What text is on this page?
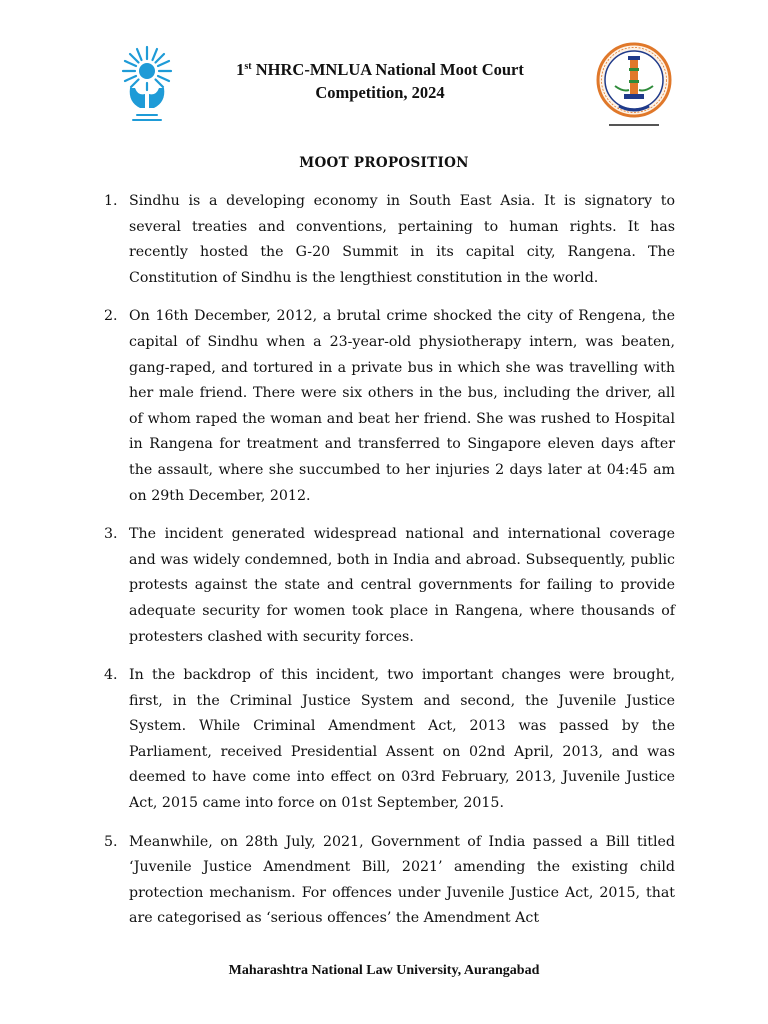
1st NHRC-MNLUA National Moot Court
Competition, 2024
MOOT PROPOSITION
1. Sindhu is a developing economy in South East Asia. It is signatory to several treaties and conventions, pertaining to human rights. It has recently hosted the G-20 Summit in its capital city, Rangena. The Constitution of Sindhu is the lengthiest constitution in the world.
2. On 16th December, 2012, a brutal crime shocked the city of Rengena, the capital of Sindhu when a 23-year-old physiotherapy intern, was beaten, gang-raped, and tortured in a private bus in which she was travelling with her male friend. There were six others in the bus, including the driver, all of whom raped the woman and beat her friend. She was rushed to Hospital in Rangena for treatment and transferred to Singapore eleven days after the assault, where she succumbed to her injuries 2 days later at 04:45 am on 29th December, 2012.
3. The incident generated widespread national and international coverage and was widely condemned, both in India and abroad. Subsequently, public protests against the state and central governments for failing to provide adequate security for women took place in Rangena, where thousands of protesters clashed with security forces.
4. In the backdrop of this incident, two important changes were brought, first, in the Criminal Justice System and second, the Juvenile Justice System. While Criminal Amendment Act, 2013 was passed by the Parliament, received Presidential Assent on 02nd April, 2013, and was deemed to have come into effect on 03rd February, 2013, Juvenile Justice Act, 2015 came into force on 01st September, 2015.
5. Meanwhile, on 28th July, 2021, Government of India passed a Bill titled ‘Juvenile Justice Amendment Bill, 2021’ amending the existing child protection mechanism. For offences under Juvenile Justice Act, 2015, that are categorised as ‘serious offences’ the Amendment Act
Maharashtra National Law University, Aurangabad
